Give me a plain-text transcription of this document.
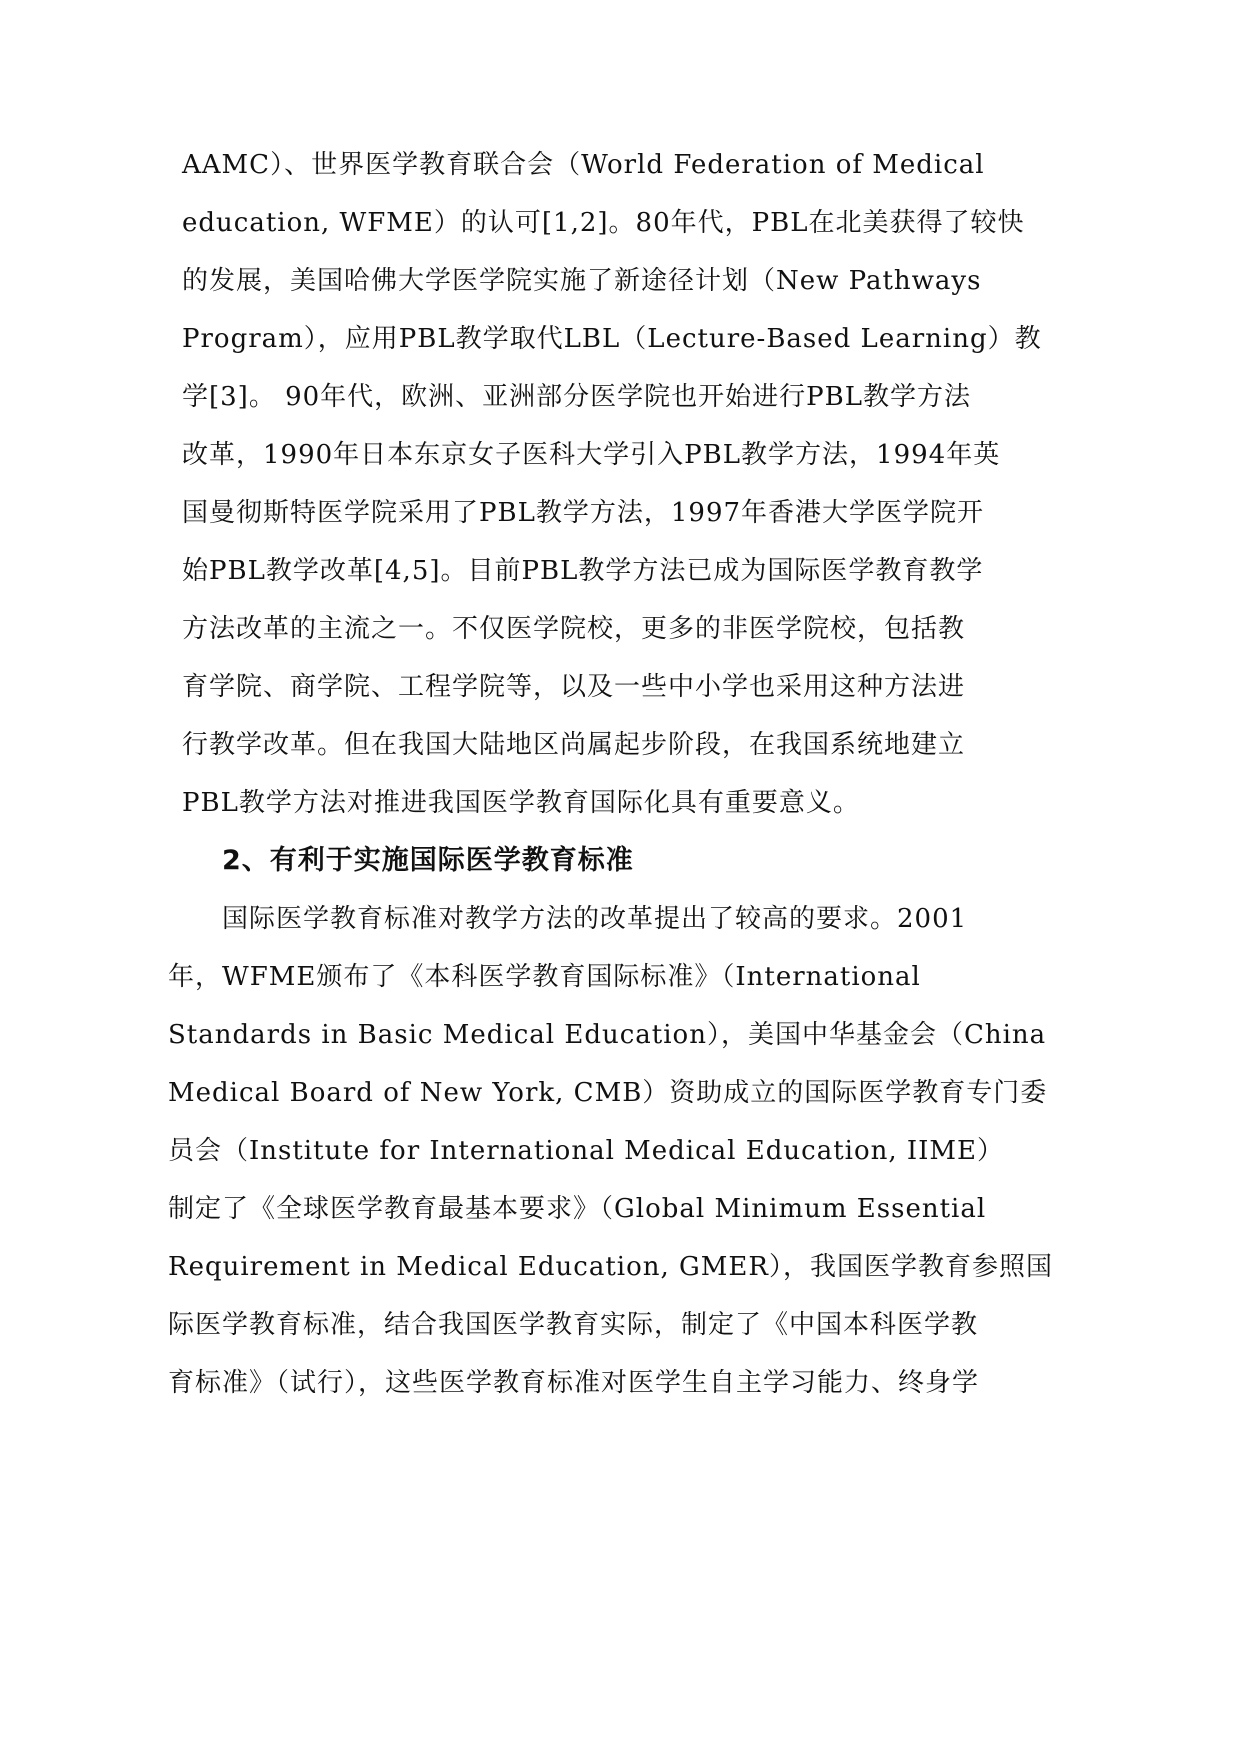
AAMC）、世界医学教育联合会（World Federation of Medical
education, WFME）的认可[1,2]。80年代，PBL在北美获得了较快
的发展，美国哈佛大学医学院实施了新途径计划（New Pathways
Program），应用PBL教学取代LBL（Lecture-Based Learning）教
学[3]。 90年代，欧洲、亚洲部分医学院也开始进行PBL教学方法
改革，1990年日本东京女子医科大学引入PBL教学方法，1994年英
国曼彻斯特医学院采用了PBL教学方法，1997年香港大学医学院开
始PBL教学改革[4,5]。目前PBL教学方法已成为国际医学教育教学
方法改革的主流之一。不仅医学院校，更多的非医学院校，包括教
育学院、商学院、工程学院等，以及一些中小学也采用这种方法进
行教学改革。但在我国大陆地区尚属起步阶段，在我国系统地建立
PBL教学方法对推进我国医学教育国际化具有重要意义。
2、有利于实施国际医学教育标准
国际医学教育标准对教学方法的改革提出了较高的要求。2001
年，WFME颁布了《本科医学教育国际标准》（International
Standards in Basic Medical Education），美国中华基金会（China
Medical Board of New York, CMB）资助成立的国际医学教育专门委
员会（Institute for International Medical Education, IIME）
制定了《全球医学教育最基本要求》（Global Minimum Essential
Requirement in Medical Education, GMER），我国医学教育参照国
际医学教育标准，结合我国医学教育实际，制定了《中国本科医学教
育标准》（试行），这些医学教育标准对医学生自主学习能力、终身学
